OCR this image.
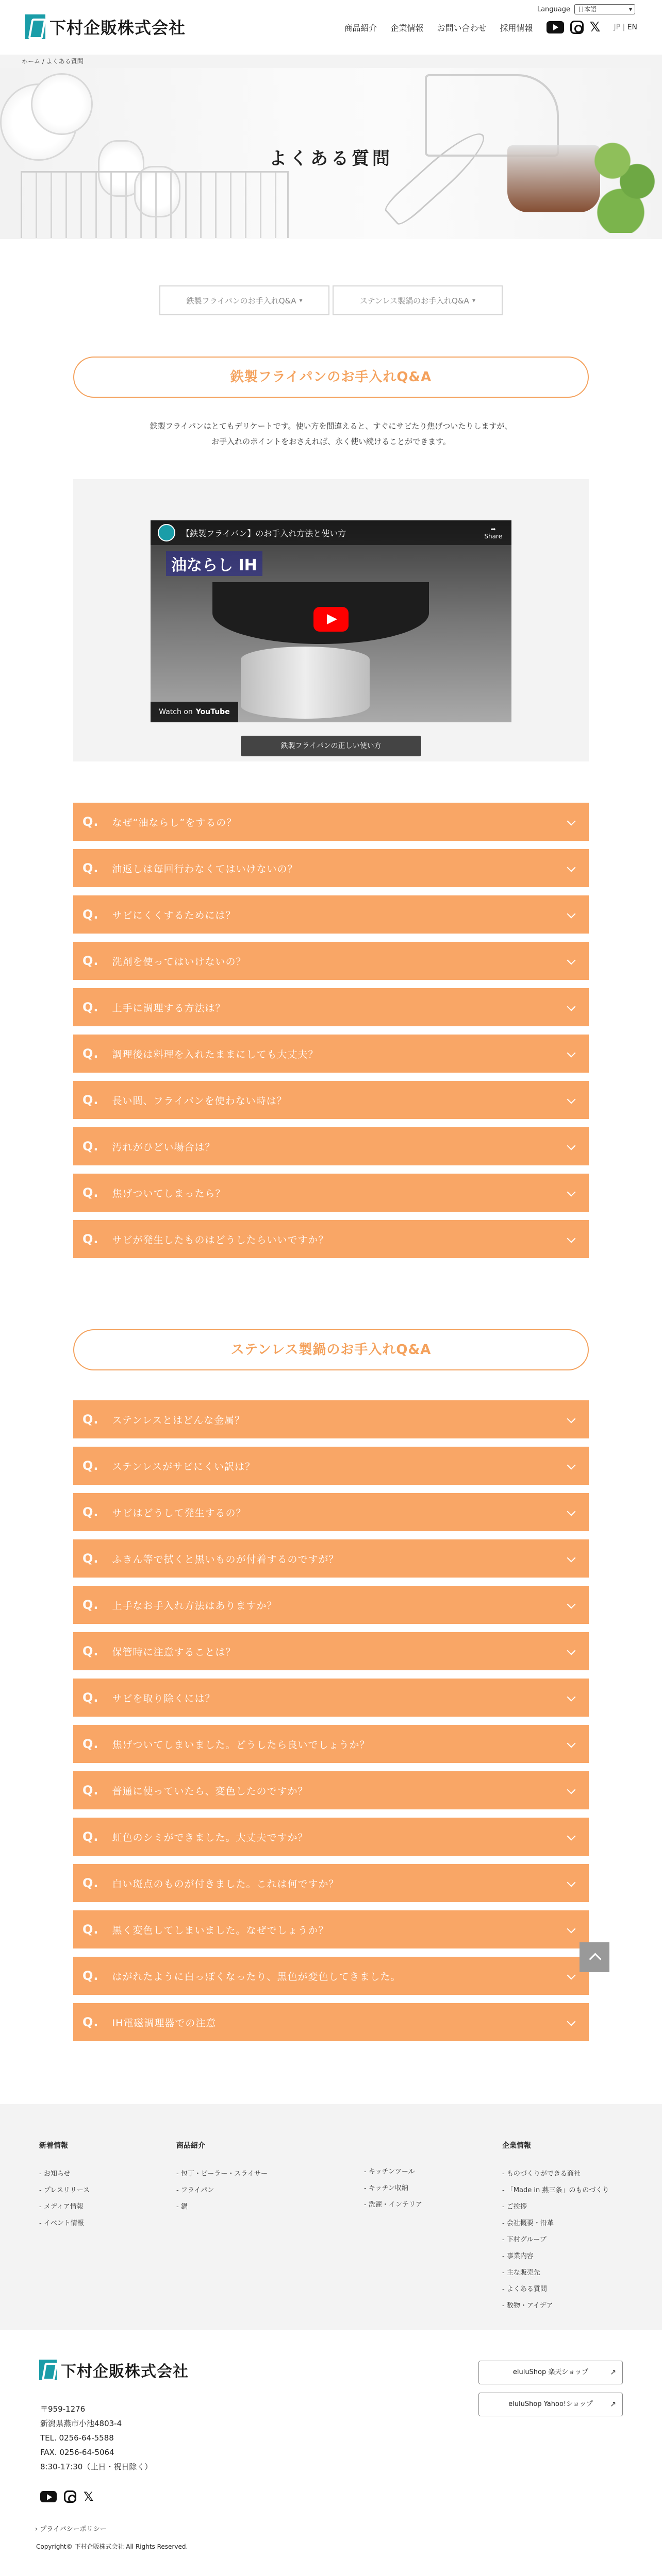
下村企販株式会社
Language	日本語 ▾
商品紹介 企業情報 お問い合わせ 採用情報	𝕏 JP | EN
ホーム / よくある質問
よくある質問
鉄製フライパンのお手入れQ&A ▾	ステンレス製鍋のお手入れQ&A ▾
鉄製フライパンのお手入れQ&A

鉄製フライパンはとてもデリケートです。使い方を間違えると、すぐにサビたり焦げついたりしますが、

お手入れのポイントをおさえれば、永く使い続けることができます。

【鉄製フライパン】のお手入れ方法と使い方	➦
Share
油ならし IH
Watch on YouTube
鉄製フライパンの正しい使い方
Q. なぜ“油ならし”をするの？
Q. 油返しは毎回行わなくてはいけないの？
Q. サビにくくするためには？
Q. 洗剤を使ってはいけないの？
Q. 上手に調理する方法は？
Q. 調理後は料理を入れたままにしても大丈夫？
Q. 長い間、フライパンを使わない時は？
Q. 汚れがひどい場合は？
Q. 焦げついてしまったら？
Q. サビが発生したものはどうしたらいいですか？
ステンレス製鍋のお手入れQ&A
Q. ステンレスとはどんな金属？
Q. ステンレスがサビにくい訳は？
Q. サビはどうして発生するの？
Q. ふきん等で拭くと黒いものが付着するのですが？
Q. 上手なお手入れ方法はありますか？
Q. 保管時に注意することは？
Q. サビを取り除くには？
Q. 焦げついてしまいました。どうしたら良いでしょうか？
Q. 普通に使っていたら、変色したのですか？
Q. 虹色のシミができました。大丈夫ですか？
Q. 白い斑点のものが付きました。これは何ですか？
Q. 黒く変色してしまいました。なぜでしょうか？
Q. はがれたように白っぽくなったり、黒色が変色してきました。
Q. IH電磁調理器での注意
新着情報
- お知らせ
- プレスリリース
- メディア情報
- イベント情報
商品紹介
- 包丁・ピーラー・スライサー
- フライパン
- 鍋

- キッチンツール
- キッチン収納
- 洗濯・インテリア
企業情報
- ものづくりができる商社
- 「Made in 燕三条」のものづくり
- ご挨拶
- 会社概要・沿革
- 下村グループ
- 事業内容
- 主な販売先
- よくある質問
- 数物・アイデア
下村企販株式会社

〒959-1276

新潟県燕市小池4803-4

TEL. 0256-64-5588

FAX. 0256-64-5064

8:30-17:30（土日・祝日除く）

𝕏
eluluShop 楽天ショップ ↗
eluluShop Yahoo!ショップ ↗
› プライバシーポリシー
Copyright© 下村企販株式会社 All Rights Reserved.
